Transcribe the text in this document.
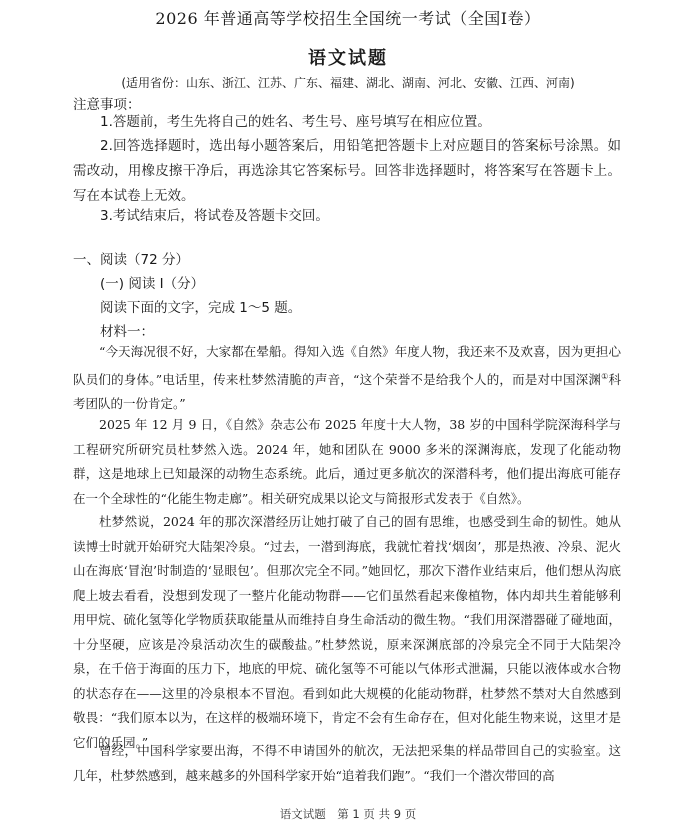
2026 年普通高等学校招生全国统一考试（全国Ⅰ卷）
语文试题
(适用省份：山东、浙江、江苏、广东、福建、湖北、湖南、河北、安徽、江西、河南)
注意事项：
1.答题前，考生先将自己的姓名、考生号、座号填写在相应位置。
2.回答选择题时，选出每小题答案后，用铅笔把答题卡上对应题目的答案标号涂黑。如需改动，用橡皮擦干净后，再选涂其它答案标号。回答非选择题时，将答案写在答题卡上。写在本试卷上无效。
3.考试结束后，将试卷及答题卡交回。
一、阅读（72 分）
(一) 阅读 I（分）
阅读下面的文字，完成 1～5 题。
材料一：
“今天海况很不好，大家都在晕船。得知入选《自然》年度人物，我还来不及欢喜，因为更担心队员们的身体。”电话里，传来杜梦然清脆的声音，“这个荣誉不是给我个人的，而是对中国深渊①科考团队的一份肯定。”
2025 年 12 月 9 日，《自然》杂志公布 2025 年度十大人物，38 岁的中国科学院深海科学与工程研究所研究员杜梦然入选。2024 年，她和团队在 9000 多米的深渊海底，发现了化能动物群，这是地球上已知最深的动物生态系统。此后，通过更多航次的深潜科考，他们提出海底可能存在一个全球性的“化能生物走廊”。相关研究成果以论文与简报形式发表于《自然》。
杜梦然说，2024 年的那次深潜经历让她打破了自己的固有思维，也感受到生命的韧性。她从读博士时就开始研究大陆架冷泉。“过去，一潜到海底，我就忙着找‘烟囱’，那是热液、冷泉、泥火山在海底‘冒泡’时制造的‘显眼包’。但那次完全不同。”她回忆，那次下潜作业结束后，他们想从沟底爬上坡去看看，没想到发现了一整片化能动物群——它们虽然看起来像植物，体内却共生着能够利用甲烷、硫化氢等化学物质获取能量从而维持自身生命活动的微生物。“我们用深潜器碰了碰地面，十分坚硬，应该是冷泉活动次生的碳酸盐。”杜梦然说，原来深渊底部的冷泉完全不同于大陆架冷泉，在千倍于海面的压力下，地底的甲烷、硫化氢等不可能以气体形式泄漏，只能以液体或水合物的状态存在——这里的冷泉根本不冒泡。看到如此大规模的化能动物群，杜梦然不禁对大自然感到敬畏：“我们原本以为，在这样的极端环境下，肯定不会有生命存在，但对化能生物来说，这里才是它们的乐园。”
曾经，中国科学家要出海，不得不申请国外的航次，无法把采集的样品带回自己的实验室。这几年，杜梦然感到，越来越多的外国科学家开始“追着我们跑”。“我们一个潜次带回的高
语文试题　第 1 页 共 9 页
